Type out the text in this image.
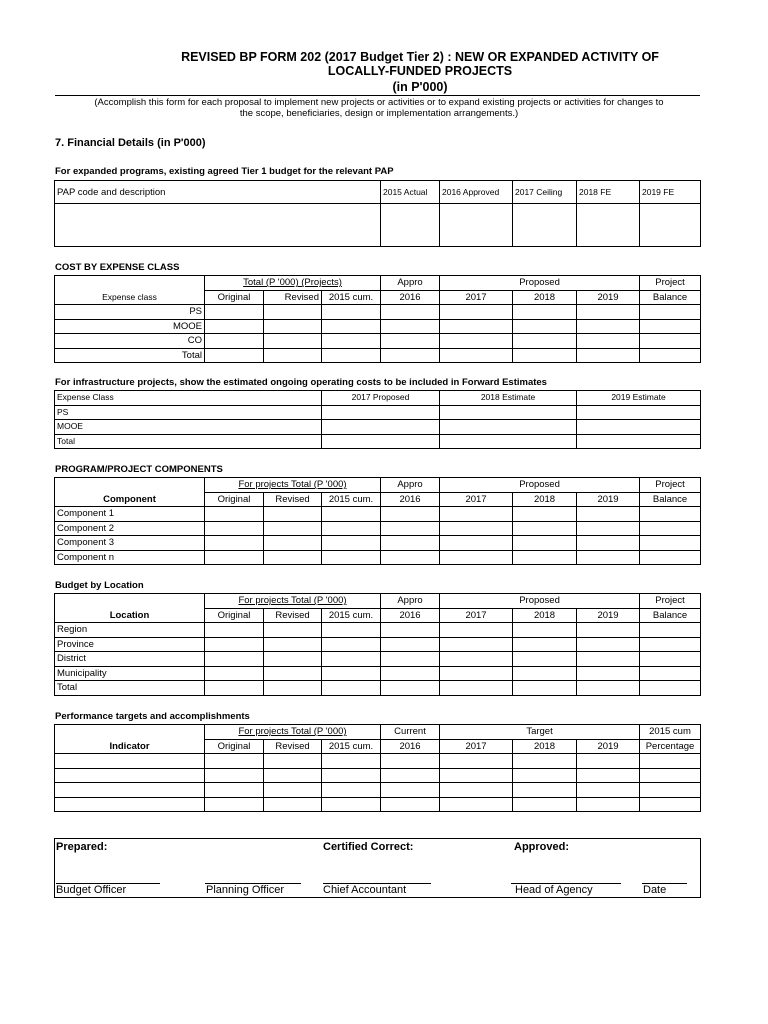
REVISED BP FORM 202 (2017 Budget Tier 2) : NEW OR EXPANDED ACTIVITY OF
LOCALLY-FUNDED PROJECTS
(in P'000)
(Accomplish this form for each proposal to implement new projects or activities or to expand existing projects or activities for changes to
the scope, beneficiaries, design or implementation arrangements.)
7. Financial Details (in P'000)
For expanded programs, existing agreed Tier 1 budget for the relevant PAP
PAP code and description	2015 Actual	2016 Approved	2017 Ceiling	2018 FE	2019 FE

COST BY EXPENSE CLASS
	Total (P '000) (Projects)			Appro	Proposed			Project
Expense class	Original	Revised	2015 cum.	2016	2017	2018	2019	Balance
PS								
MOOE								
CO								
Total								
For infrastructure projects, show the estimated ongoing operating costs to be included in Forward Estimates
Expense Class	2017 Proposed	2018 Estimate	2019 Estimate
PS			
MOOE			
Total			
PROGRAM/PROJECT COMPONENTS
	For projects Total (P '000)			Appro	Proposed			Project
Component	Original	Revised	2015 cum.	2016	2017	2018	2019	Balance
Component 1								
Component 2								
Component 3								
Component n								
Budget by Location
	For projects Total (P '000)			Appro	Proposed			Project
Location	Original	Revised	2015 cum.	2016	2017	2018	2019	Balance
Region								
Province								
District								
Municipality								
Total								
Performance targets and accomplishments
	For projects Total (P '000)			Current	Target			2015 cum
Indicator	Original	Revised	2015 cum.	2016	2017	2018	2019	Percentage

Prepared:	Certified Correct:	Approved:
Budget Officer	Planning Officer	Chief Accountant	Head of Agency	Date
